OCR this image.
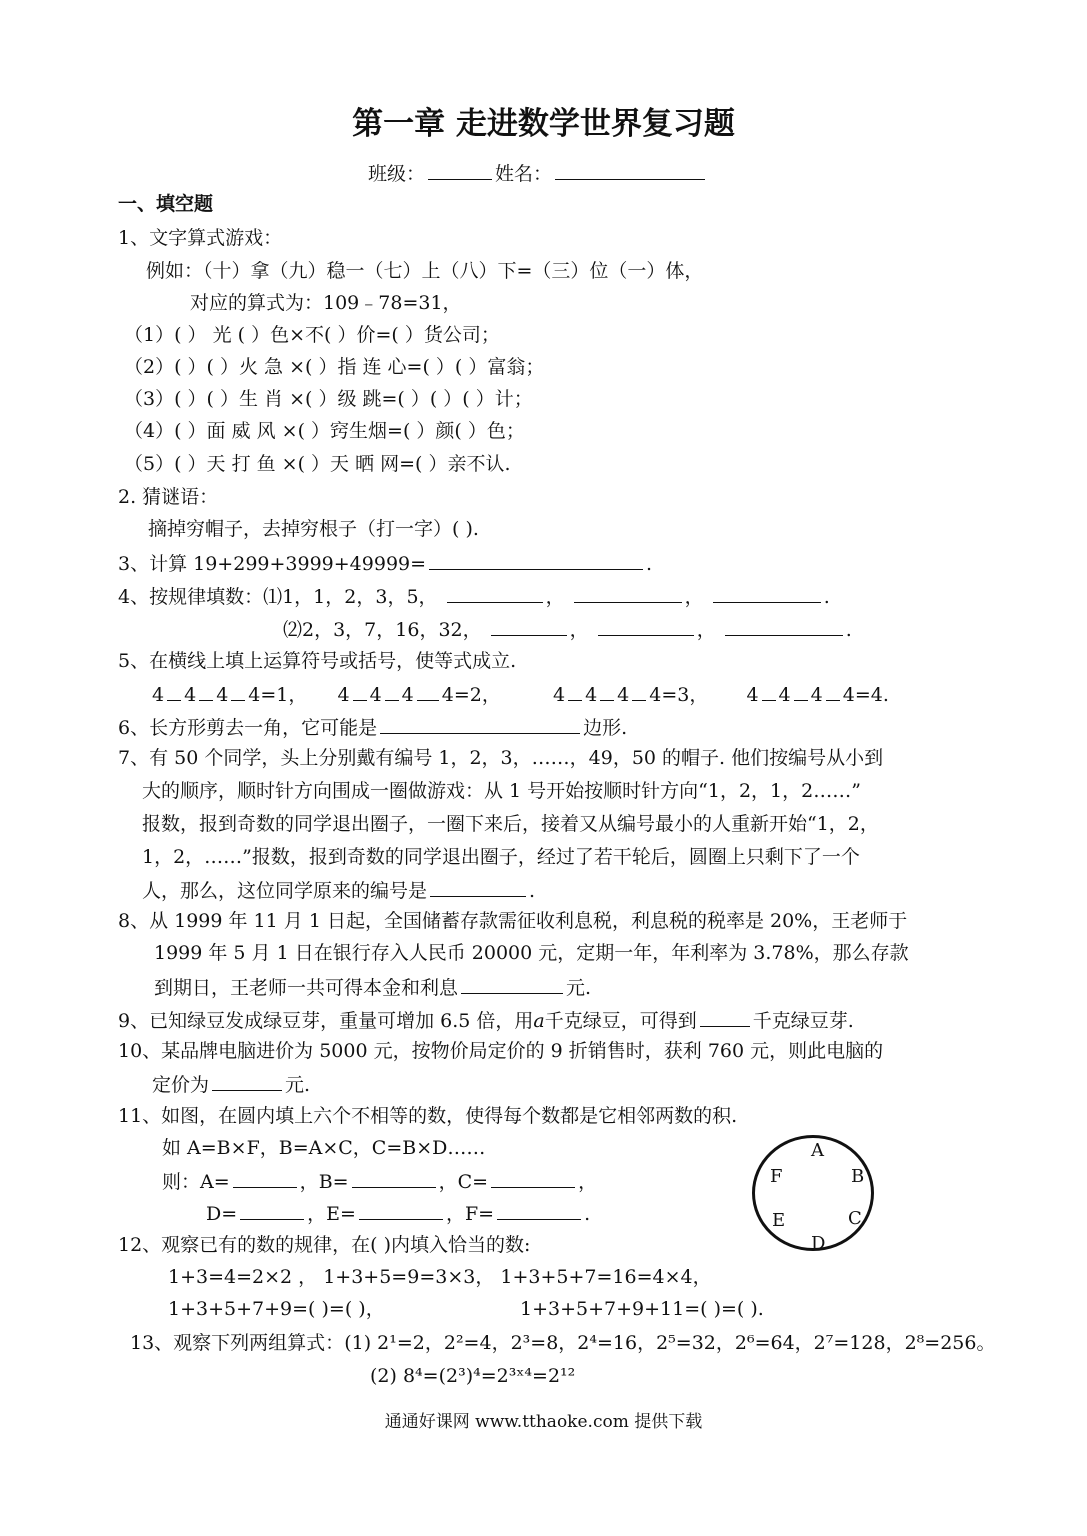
第一章 走进数学世界复习题
班级：	姓名：
一、填空题
1、文字算式游戏：
例如：（十）拿（九）稳一（七）上（八）下=（三）位（一）体，
对应的算式为：109﹣78=31，
（1）( ） 光 ( ）色×不( ）价=( ）货公司；
（2）( ）( ）火 急 ×( ）指 连 心=( ）( ）富翁；
（3）( ）( ）生 肖 ×( ）级 跳=( ）( ）( ）计；
（4）( ）面 威 风 ×( ）窍生烟=( ）颜( ）色；
（5）( ）天 打 鱼 ×( ）天 晒 网=( ）亲不认.
2. 猜谜语：
摘掉穷帽子，去掉穷根子（打一字）( ).
3、计算 19+299+3999+49999=	.
4、按规律填数：⑴1，1，2，3，5，	，	，	.
⑵2，3，7，16，32，	，	，	.
5、在横线上填上运算符号或括号，使等式成立.
4 4 4 4=1， 4 4 4 4=2，	4 4 4 4=3， 4 4 4 4=4.
6、长方形剪去一角，它可能是	边形.
7、有 50 个同学，头上分别戴有编号 1，2，3，……，49，50 的帽子. 他们按编号从小到
大的顺序，顺时针方向围成一圈做游戏：从 1 号开始按顺时针方向“1，2，1，2……”
报数，报到奇数的同学退出圈子，一圈下来后，接着又从编号最小的人重新开始“1，2，
1，2，……”报数，报到奇数的同学退出圈子，经过了若干轮后，圆圈上只剩下了一个
人，那么，这位同学原来的编号是	.
8、从 1999 年 11 月 1 日起，全国储蓄存款需征收利息税，利息税的税率是 20%，王老师于
1999 年 5 月 1 日在银行存入人民币 20000 元，定期一年，年利率为 3.78%，那么存款
到期日，王老师一共可得本金和利息	元.
9、已知绿豆发成绿豆芽，重量可增加 6.5 倍，用a千克绿豆，可得到	千克绿豆芽.
10、某品牌电脑进价为 5000 元，按物价局定价的 9 折销售时，获利 760 元，则此电脑的
定价为	元.
11、如图，在圆内填上六个不相等的数，使得每个数都是它相邻两数的积.
如 A=B×F，B=A×C，C=B×D……
则：A=	，B=	，C=	，
D=	，E=	，F=	.
A
B
C
D
E
F
12、观察已有的数的规律，在( )内填入恰当的数:
1+3=4=2×2 ， 1+3+5=9=3×3， 1+3+5+7=16=4×4，
1+3+5+7+9=( )=( )，	1+3+5+7+9+11=( )=( ).
13、观察下列两组算式：(1) 2¹=2，2²=4，2³=8，2⁴=16，2⁵=32，2⁶=64，2⁷=128，2⁸=256。
(2) 8⁴=(2³)⁴=2³ˣ⁴=2¹²
通通好课网 www.tthaoke.com 提供下载
